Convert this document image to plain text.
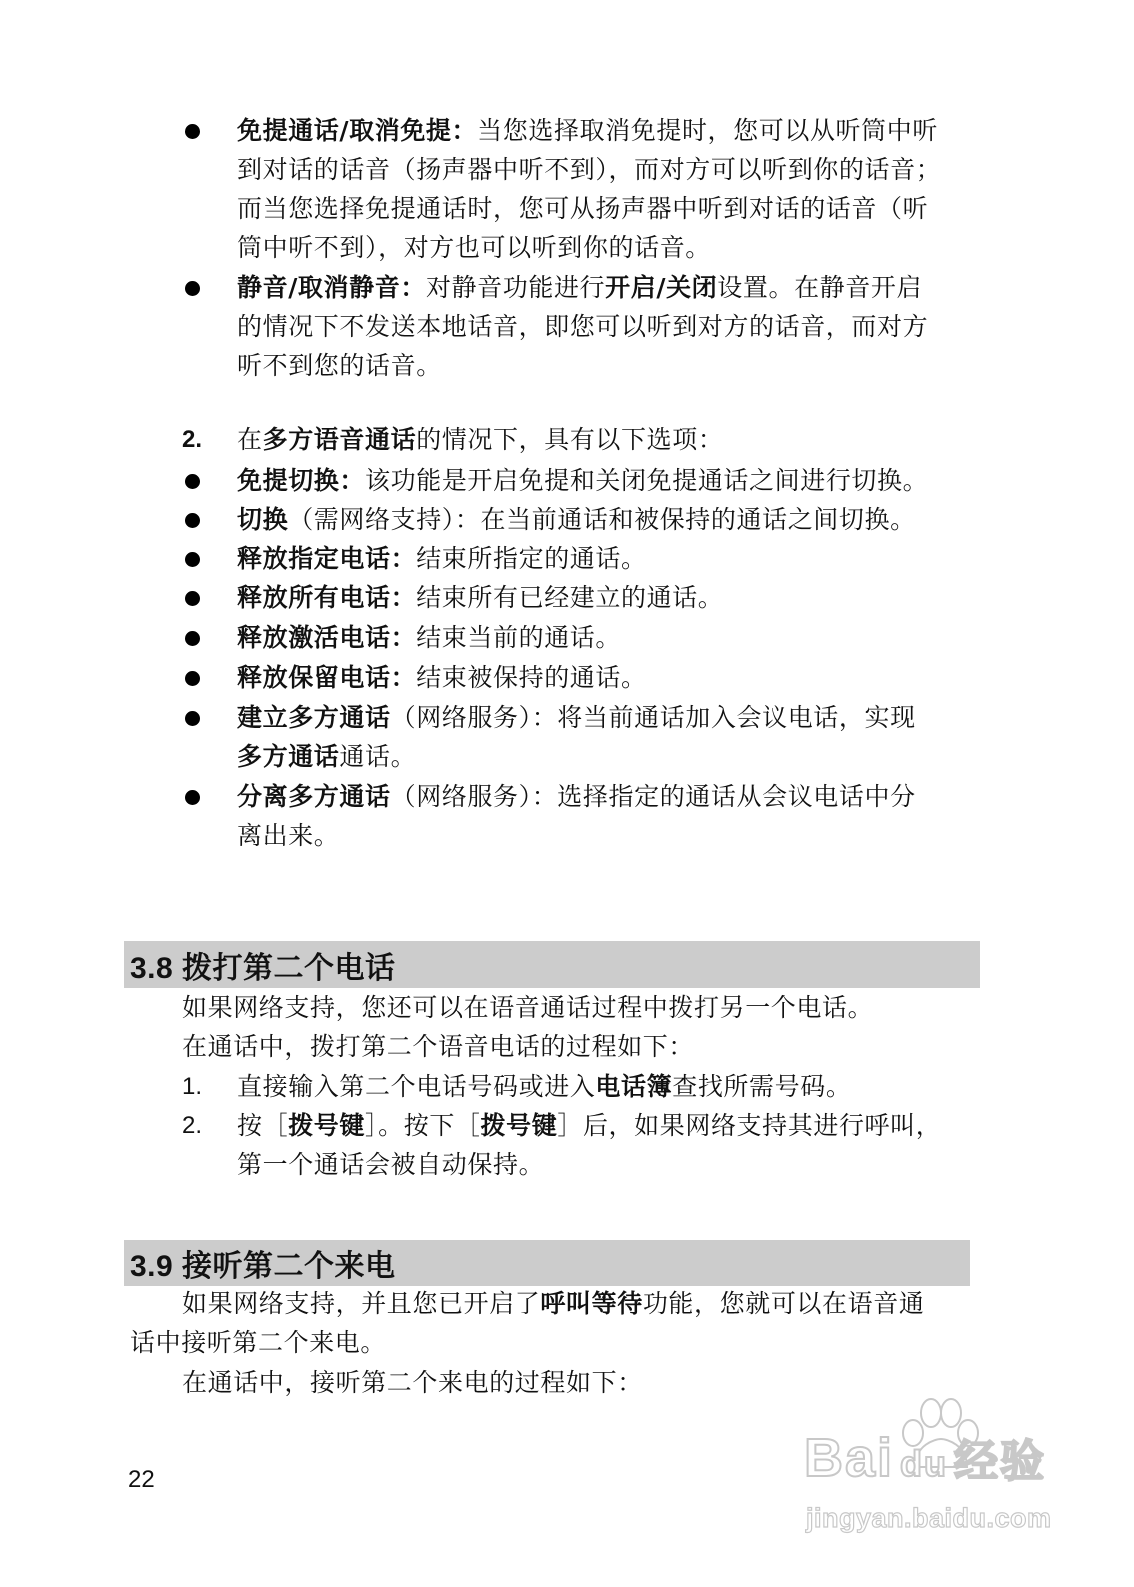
免提通话/取消免提：当您选择取消免提时，您可以从听筒中听
到对话的话音（扬声器中听不到），而对方可以听到你的话音；
而当您选择免提通话时，您可从扬声器中听到对话的话音（听
筒中听不到），对方也可以听到你的话音。
静音/取消静音：对静音功能进行开启/关闭设置。在静音开启
的情况下不发送本地话音，即您可以听到对方的话音，而对方
听不到您的话音。
2. 在多方语音通话的情况下，具有以下选项：
免提切换：该功能是开启免提和关闭免提通话之间进行切换。
切换（需网络支持）：在当前通话和被保持的通话之间切换。
释放指定电话：结束所指定的通话。
释放所有电话：结束所有已经建立的通话。
释放激活电话：结束当前的通话。
释放保留电话：结束被保持的通话。
建立多方通话（网络服务）：将当前通话加入会议电话，实现
多方通话通话。
分离多方通话（网络服务）：选择指定的通话从会议电话中分
离出来。
3.8 拨打第二个电话
如果网络支持，您还可以在语音通话过程中拨打另一个电话。
在通话中，拨打第二个语音电话的过程如下：
1. 直接输入第二个电话号码或进入电话簿查找所需号码。
2. 按［拨号键］。按下［拨号键］后，如果网络支持其进行呼叫，
第一个通话会被自动保持。
3.9 接听第二个来电
如果网络支持，并且您已开启了呼叫等待功能，您就可以在语音通
话中接听第二个来电。
在通话中，接听第二个来电的过程如下：
22	Bai du 经验
jingyan.baidu.com
